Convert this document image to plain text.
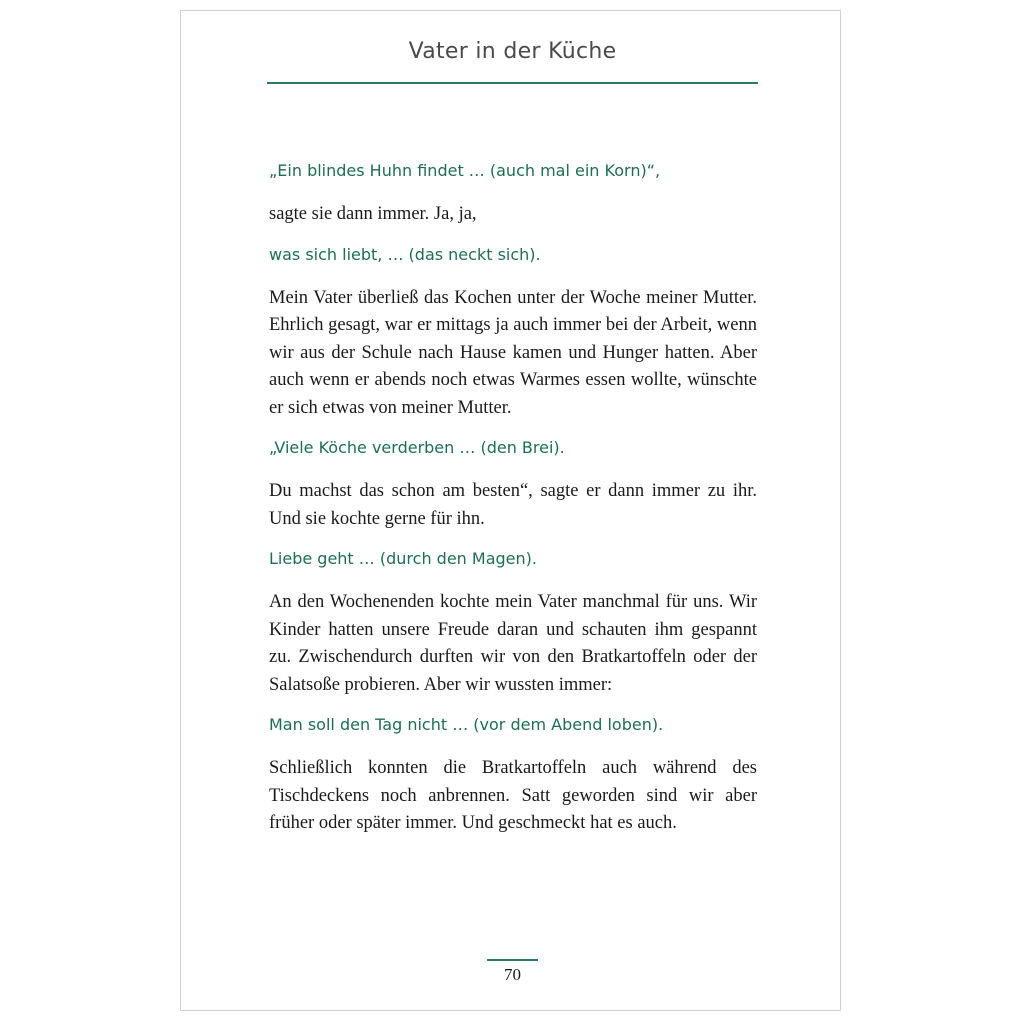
Vater in der Küche

„Ein blindes Huhn findet … (auch mal ein Korn)“,

sagte sie dann immer. Ja, ja,

was sich liebt, … (das neckt sich).

Mein Vater überließ das Kochen unter der Woche meiner Mutter. Ehrlich gesagt, war er mittags ja auch immer bei der Arbeit, wenn wir aus der Schule nach Hause kamen und Hunger hatten. Aber auch wenn er abends noch etwas Warmes essen wollte, wünschte er sich etwas von meiner Mutter.

„Viele Köche verderben … (den Brei).

Du machst das schon am besten“, sagte er dann immer zu ihr. Und sie kochte gerne für ihn.

Liebe geht … (durch den Magen).

An den Wochenenden kochte mein Vater manchmal für uns. Wir Kinder hatten unsere Freude daran und schauten ihm gespannt zu. Zwischendurch durften wir von den Bratkartoffeln oder der Salatsoße probieren. Aber wir wussten immer:

Man soll den Tag nicht … (vor dem Abend loben).

Schließlich konnten die Bratkartoffeln auch während des Tischdeckens noch anbrennen. Satt geworden sind wir aber früher oder später immer. Und geschmeckt hat es auch.

70
